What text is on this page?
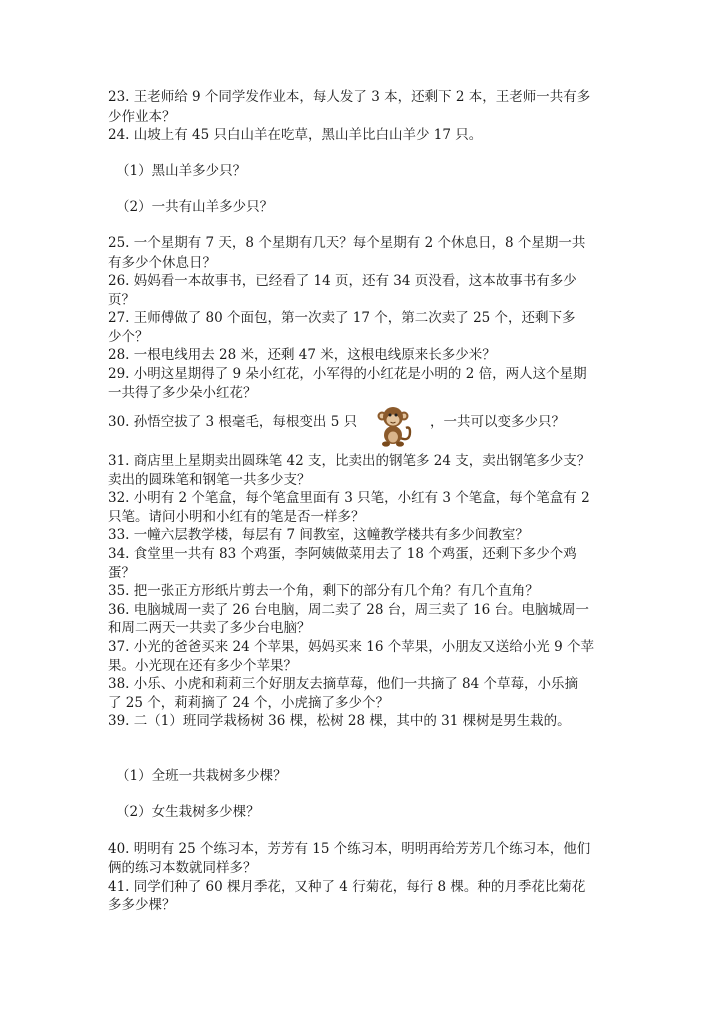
23. 王老师给 9 个同学发作业本，每人发了 3 本，还剩下 2 本，王老师一共有多
少作业本？
24. 山坡上有 45 只白山羊在吃草，黑山羊比白山羊少 17 只。
（1）黑山羊多少只？
（2）一共有山羊多少只？
25. 一个星期有 7 天，8 个星期有几天？每个星期有 2 个休息日，8 个星期一共
有多少个休息日？
26. 妈妈看一本故事书，已经看了 14 页，还有 34 页没看，这本故事书有多少
页？
27. 王师傅做了 80 个面包，第一次卖了 17 个，第二次卖了 25 个，还剩下多
少个？
28. 一根电线用去 28 米，还剩 47 米，这根电线原来长多少米？
29. 小明这星期得了 9 朵小红花，小军得的小红花是小明的 2 倍，两人这个星期
一共得了多少朵小红花？
30. 孙悟空拔了 3 根毫毛，每根变出 5 只	，一共可以变多少只？
31. 商店里上星期卖出圆珠笔 42 支，比卖出的钢笔多 24 支，卖出钢笔多少支？
卖出的圆珠笔和钢笔一共多少支？
32. 小明有 2 个笔盒，每个笔盒里面有 3 只笔，小红有 3 个笔盒，每个笔盒有 2
只笔。请问小明和小红有的笔是否一样多？
33. 一幢六层教学楼，每层有 7 间教室，这幢教学楼共有多少间教室？
34. 食堂里一共有 83 个鸡蛋，李阿姨做菜用去了 18 个鸡蛋，还剩下多少个鸡
蛋？
35. 把一张正方形纸片剪去一个角，剩下的部分有几个角？有几个直角？
36. 电脑城周一卖了 26 台电脑，周二卖了 28 台，周三卖了 16 台。电脑城周一
和周二两天一共卖了多少台电脑？
37. 小光的爸爸买来 24 个苹果，妈妈买来 16 个苹果，小朋友又送给小光 9 个苹
果。小光现在还有多少个苹果？
38. 小乐、小虎和莉莉三个好朋友去摘草莓，他们一共摘了 84 个草莓，小乐摘
了 25 个，莉莉摘了 24 个，小虎摘了多少个？
39. 二（1）班同学栽杨树 36 棵，松树 28 棵，其中的 31 棵树是男生栽的。
（1）全班一共栽树多少棵？
（2）女生栽树多少棵？
40. 明明有 25 个练习本，芳芳有 15 个练习本，明明再给芳芳几个练习本，他们
俩的练习本数就同样多？
41. 同学们种了 60 棵月季花，又种了 4 行菊花，每行 8 棵。种的月季花比菊花
多多少棵？
